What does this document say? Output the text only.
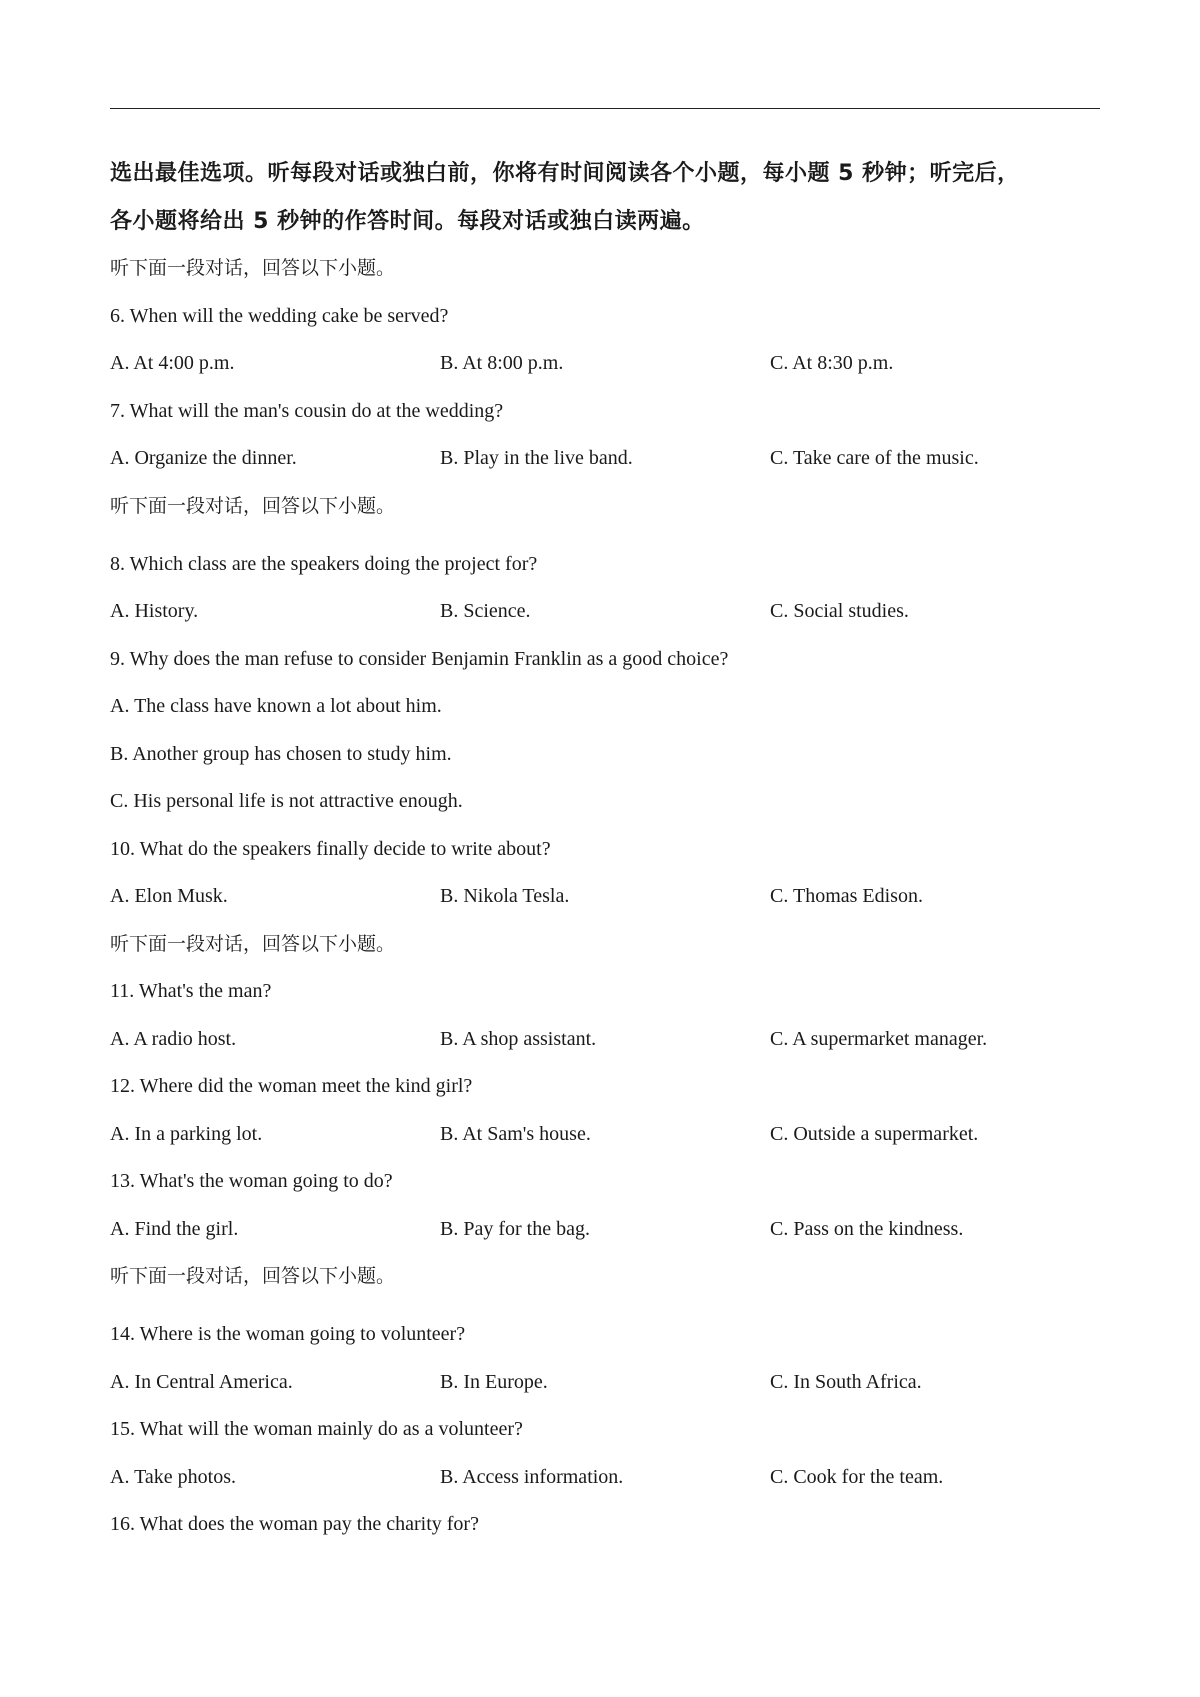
选出最佳选项。听每段对话或独白前，你将有时间阅读各个小题，每小题 5 秒钟；听完后，
各小题将给出 5 秒钟的作答时间。每段对话或独白读两遍。

听下面一段对话，回答以下小题。

6. When will the wedding cake be served?

A. At 4:00 p.m.	B. At 8:00 p.m.	C. At 8:30 p.m.

7. What will the man's cousin do at the wedding?

A. Organize the dinner.	B. Play in the live band.	C. Take care of the music.

听下面一段对话，回答以下小题。

8. Which class are the speakers doing the project for?

A. History.	B. Science.	C. Social studies.

9. Why does the man refuse to consider Benjamin Franklin as a good choice?

A. The class have known a lot about him.

B. Another group has chosen to study him.

C. His personal life is not attractive enough.

10. What do the speakers finally decide to write about?

A. Elon Musk.	B. Nikola Tesla.	C. Thomas Edison.

听下面一段对话，回答以下小题。

11. What's the man?

A. A radio host.	B. A shop assistant.	C. A supermarket manager.

12. Where did the woman meet the kind girl?

A. In a parking lot.	B. At Sam's house.	C. Outside a supermarket.

13. What's the woman going to do?

A. Find the girl.	B. Pay for the bag.	C. Pass on the kindness.

听下面一段对话，回答以下小题。

14. Where is the woman going to volunteer?

A. In Central America.	B. In Europe.	C. In South Africa.

15. What will the woman mainly do as a volunteer?

A. Take photos.	B. Access information.	C. Cook for the team.

16. What does the woman pay the charity for?
